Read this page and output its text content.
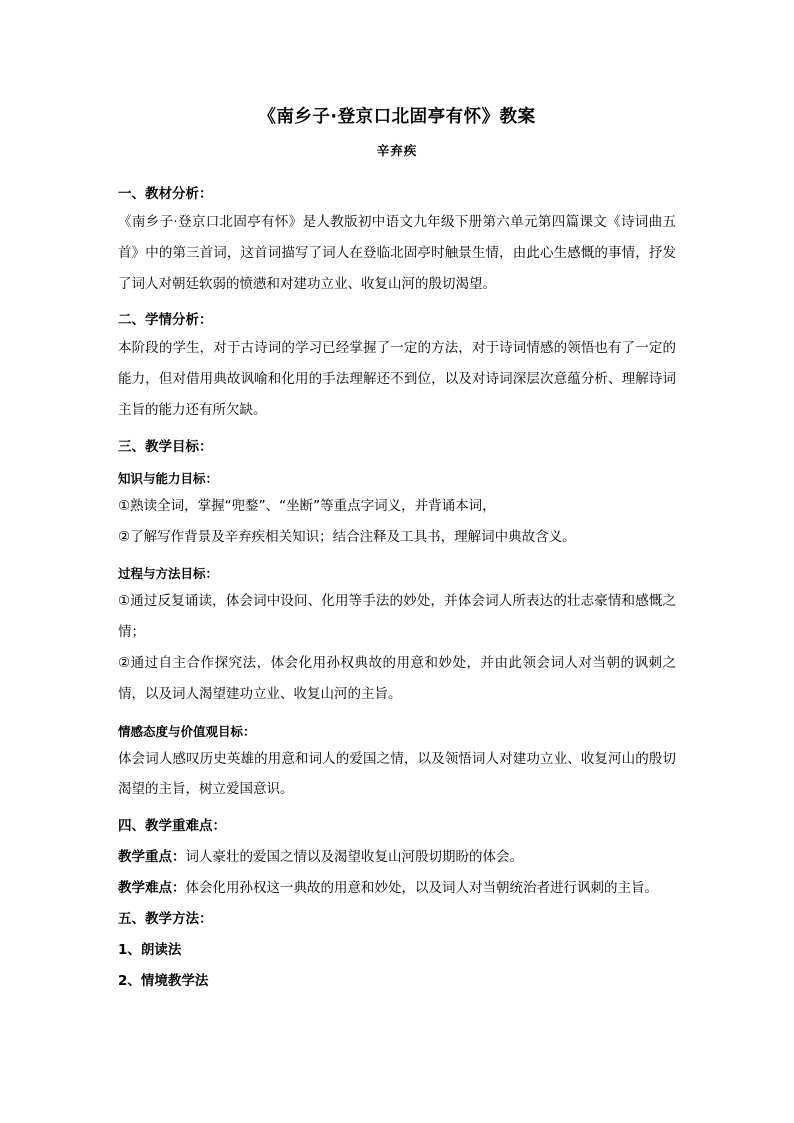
《南乡子·登京口北固亭有怀》教案
辛弃疾
一、教材分析：
《南乡子·登京口北固亭有怀》是人教版初中语文九年级下册第六单元第四篇课文《诗词曲五首》中的第三首词，这首词描写了词人在登临北固亭时触景生情，由此心生感慨的事情，抒发了词人对朝廷软弱的愤懑和对建功立业、收复山河的殷切渴望。
二、学情分析：
本阶段的学生，对于古诗词的学习已经掌握了一定的方法，对于诗词情感的领悟也有了一定的能力，但对借用典故讽喻和化用的手法理解还不到位，以及对诗词深层次意蕴分析、理解诗词主旨的能力还有所欠缺。
三、教学目标：
知识与能力目标：
①熟读全词，掌握“兜鍪”、“坐断”等重点字词义，并背诵本词，
②了解写作背景及辛弃疾相关知识；结合注释及工具书，理解词中典故含义。
过程与方法目标：
①通过反复诵读，体会词中设问、化用等手法的妙处，并体会词人所表达的壮志豪情和感慨之情；
②通过自主合作探究法，体会化用孙权典故的用意和妙处，并由此领会词人对当朝的讽刺之情，以及词人渴望建功立业、收复山河的主旨。
情感态度与价值观目标：
体会词人感叹历史英雄的用意和词人的爱国之情，以及领悟词人对建功立业、收复河山的殷切渴望的主旨，树立爱国意识。
四、教学重难点：
教学重点：词人豪壮的爱国之情以及渴望收复山河殷切期盼的体会。
教学难点：体会化用孙权这一典故的用意和妙处，以及词人对当朝统治者进行讽刺的主旨。
五、教学方法：
1、朗读法
2、情境教学法
